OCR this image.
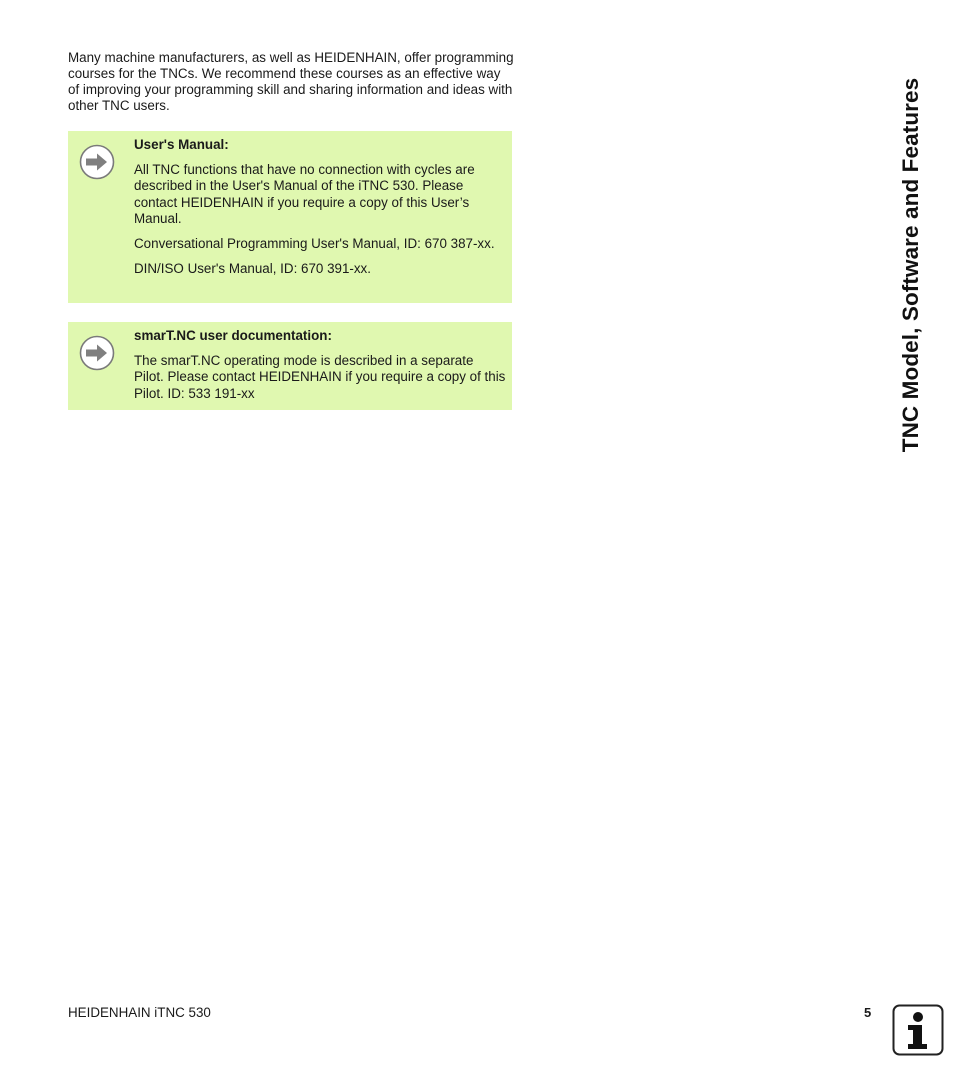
Many machine manufacturers, as well as HEIDENHAIN, offer programming courses for the TNCs. We recommend these courses as an effective way of improving your programming skill and sharing information and ideas with other TNC users.

User's Manual:

All TNC functions that have no connection with cycles are described in the User's Manual of the iTNC 530. Please contact HEIDENHAIN if you require a copy of this User’s Manual.

Conversational Programming User's Manual, ID: 670 387-xx.

DIN/ISO User's Manual, ID: 670 391-xx.

smarT.NC user documentation:

The smarT.NC operating mode is described in a separate Pilot. Please contact HEIDENHAIN if you require a copy of this Pilot. ID: 533 191-xx	TNC Model, Software and Features
HEIDENHAIN iTNC 530	5
